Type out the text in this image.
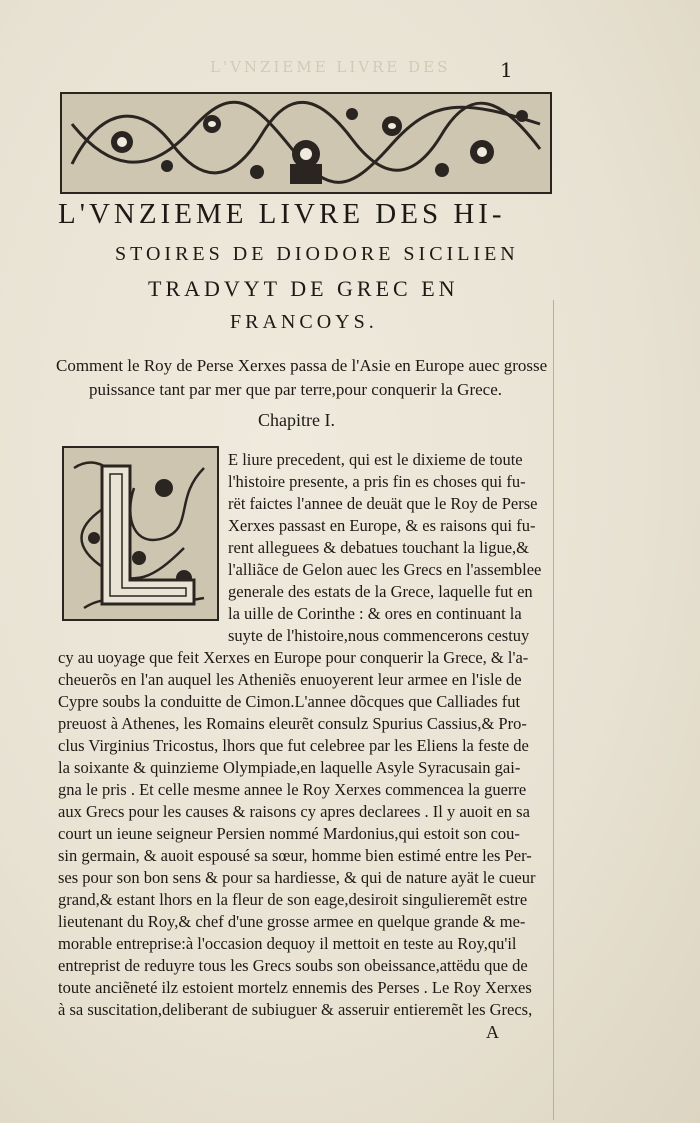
L'VNZIEME LIVRE DES 1
L'VNZIEME LIVRE DES HI-
STOIRES DE DIODORE SICILIEN
TRADVYT DE GREC EN
FRANCOYS.
Comment le Roy de Perse Xerxes passa de l'Asie en Europe auec grosse
puissance tant par mer que par terre,pour conquerir la Grece.
Chapitre I.
E liure precedent, qui est le dixieme de toute
l'histoire presente, a pris fin es choses qui fu-
rët faictes l'annee de deuät que le Roy de Perse
Xerxes passast en Europe, & es raisons qui fu-
rent alleguees & debatues touchant la ligue,&
l'alliãce de Gelon auec les Grecs en l'assemblee
generale des estats de la Grece, laquelle fut en
la uille de Corinthe : & ores en continuant la
suyte de l'histoire,nous commencerons cestuy
cy au uoyage que feit Xerxes en Europe pour conquerir la Grece, & l'a-
cheuerõs en l'an auquel les Atheniẽs enuoyerent leur armee en l'isle de
Cypre soubs la conduitte de Cimon.L'annee dõcques que Calliades fut
preuost à Athenes, les Romains eleurẽt consulz Spurius Cassius,& Pro-
clus Virginius Tricostus, lhors que fut celebree par les Eliens la feste de
la soixante & quinzieme Olympiade,en laquelle Asyle Syracusain gai-
gna le pris . Et celle mesme annee le Roy Xerxes commencea la guerre
aux Grecs pour les causes & raisons cy apres declarees . Il y auoit en sa
court un ieune seigneur Persien nommé Mardonius,qui estoit son cou-
sin germain, & auoit espousé sa sœur, homme bien estimé entre les Per-
ses pour son bon sens & pour sa hardiesse, & qui de nature ayät le cueur
grand,& estant lhors en la fleur de son eage,desiroit singulieremẽt estre
lieutenant du Roy,& chef d'une grosse armee en quelque grande & me-
morable entreprise:à l'occasion dequoy il mettoit en teste au Roy,qu'il
entreprist de reduyre tous les Grecs soubs son obeissance,attëdu que de
toute anciẽneté ilz estoient mortelz ennemis des Perses . Le Roy Xerxes
à sa suscitation,deliberant de subiuguer & asseruir entieremẽt les Grecs,
A
